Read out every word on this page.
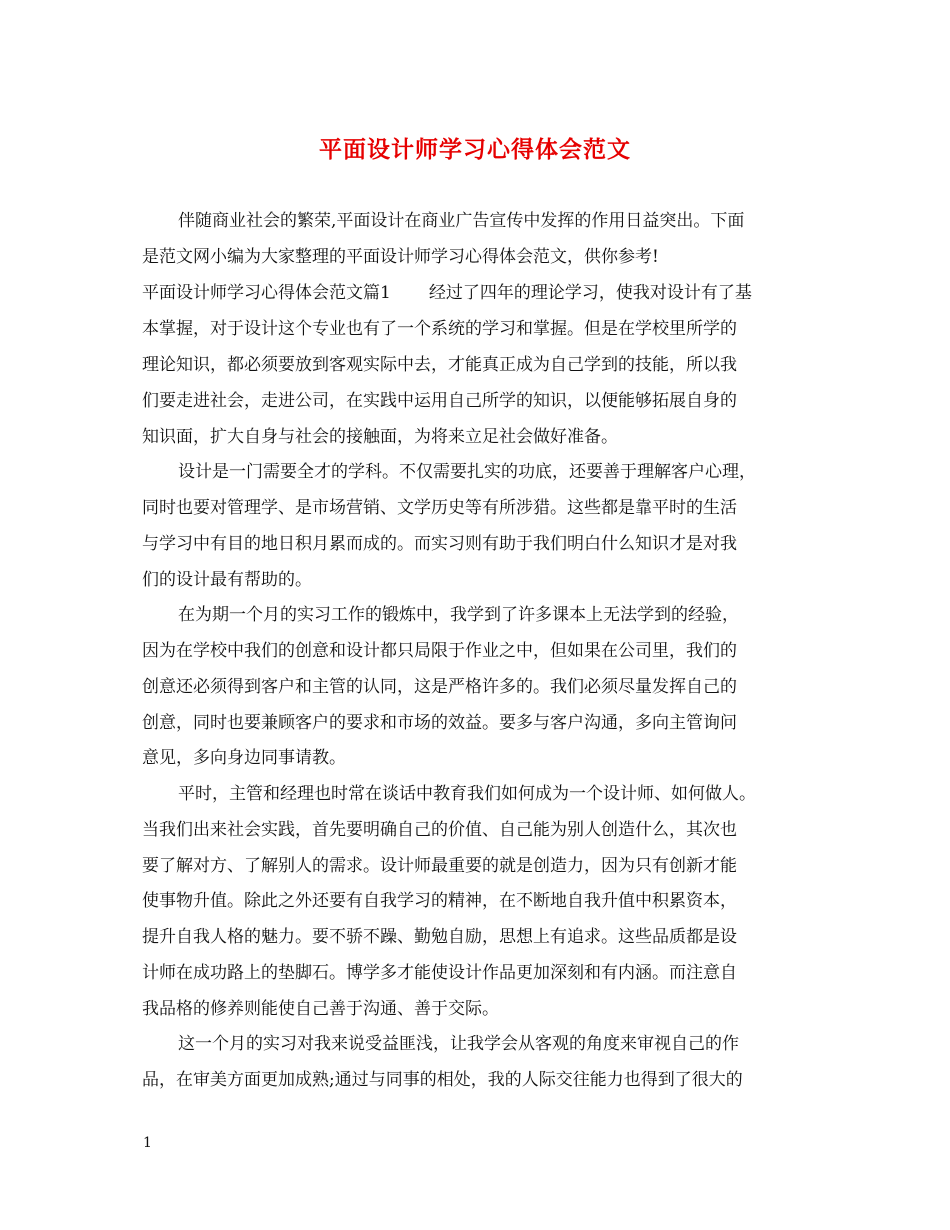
平面设计师学习心得体会范文
伴随商业社会的繁荣,平面设计在商业广告宣传中发挥的作用日益突出。下面
是范文网小编为大家整理的平面设计师学习心得体会范文，供你参考!
平面设计师学习心得体会范文篇1 经过了四年的理论学习，使我对设计有了基
本掌握，对于设计这个专业也有了一个系统的学习和掌握。但是在学校里所学的
理论知识，都必须要放到客观实际中去，才能真正成为自己学到的技能，所以我
们要走进社会，走进公司，在实践中运用自己所学的知识，以便能够拓展自身的
知识面，扩大自身与社会的接触面，为将来立足社会做好准备。
设计是一门需要全才的学科。不仅需要扎实的功底，还要善于理解客户心理，
同时也要对管理学、是市场营销、文学历史等有所涉猎。这些都是靠平时的生活
与学习中有目的地日积月累而成的。而实习则有助于我们明白什么知识才是对我
们的设计最有帮助的。
在为期一个月的实习工作的锻炼中，我学到了许多课本上无法学到的经验，
因为在学校中我们的创意和设计都只局限于作业之中，但如果在公司里，我们的
创意还必须得到客户和主管的认同，这是严格许多的。我们必须尽量发挥自己的
创意，同时也要兼顾客户的要求和市场的效益。要多与客户沟通，多向主管询问
意见，多向身边同事请教。
平时，主管和经理也时常在谈话中教育我们如何成为一个设计师、如何做人。
当我们出来社会实践，首先要明确自己的价值、自己能为别人创造什么，其次也
要了解对方、了解别人的需求。设计师最重要的就是创造力，因为只有创新才能
使事物升值。除此之外还要有自我学习的精神，在不断地自我升值中积累资本，
提升自我人格的魅力。要不骄不躁、勤勉自励，思想上有追求。这些品质都是设
计师在成功路上的垫脚石。博学多才能使设计作品更加深刻和有内涵。而注意自
我品格的修养则能使自己善于沟通、善于交际。
这一个月的实习对我来说受益匪浅，让我学会从客观的角度来审视自己的作
品，在审美方面更加成熟;通过与同事的相处，我的人际交往能力也得到了很大的
1
